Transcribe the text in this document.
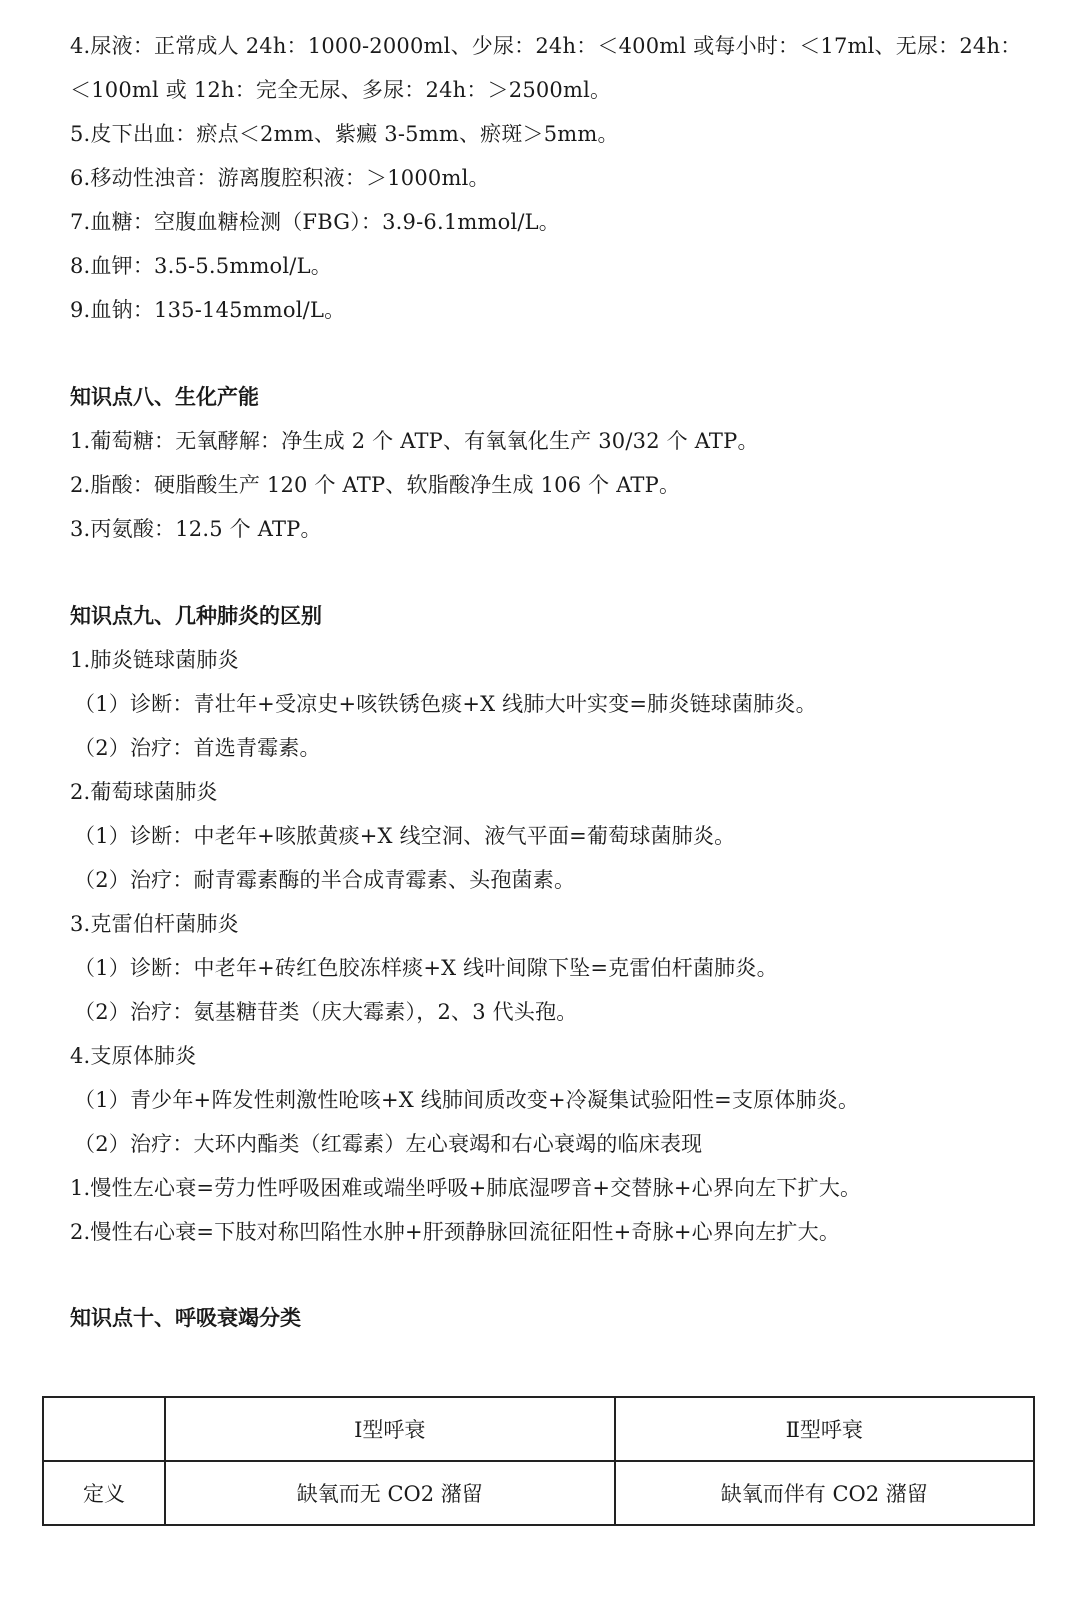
4.尿液：正常成人 24h：1000-2000ml、少尿：24h：＜400ml 或每小时：＜17ml、无尿：24h：
＜100ml 或 12h：完全无尿、多尿：24h：＞2500ml。
5.皮下出血：瘀点＜2mm、紫癜 3-5mm、瘀斑＞5mm。
6.移动性浊音：游离腹腔积液：＞1000ml。
7.血糖：空腹血糖检测（FBG）：3.9-6.1mmol/L。
8.血钾：3.5-5.5mmol/L。
9.血钠：135-145mmol/L。
知识点八、生化产能
1.葡萄糖：无氧酵解：净生成 2 个 ATP、有氧氧化生产 30/32 个 ATP。
2.脂酸：硬脂酸生产 120 个 ATP、软脂酸净生成 106 个 ATP。
3.丙氨酸：12.5 个 ATP。
知识点九、几种肺炎的区别
1.肺炎链球菌肺炎
（1）诊断：青壮年+受凉史+咳铁锈色痰+X 线肺大叶实变=肺炎链球菌肺炎。
（2）治疗：首选青霉素。
2.葡萄球菌肺炎
（1）诊断：中老年+咳脓黄痰+X 线空洞、液气平面=葡萄球菌肺炎。
（2）治疗：耐青霉素酶的半合成青霉素、头孢菌素。
3.克雷伯杆菌肺炎
（1）诊断：中老年+砖红色胶冻样痰+X 线叶间隙下坠=克雷伯杆菌肺炎。
（2）治疗：氨基糖苷类（庆大霉素），2、3 代头孢。
4.支原体肺炎
（1）青少年+阵发性刺激性呛咳+X 线肺间质改变+冷凝集试验阳性=支原体肺炎。
（2）治疗：大环内酯类（红霉素）左心衰竭和右心衰竭的临床表现
1.慢性左心衰=劳力性呼吸困难或端坐呼吸+肺底湿啰音+交替脉+心界向左下扩大。
2.慢性右心衰=下肢对称凹陷性水肿+肝颈静脉回流征阳性+奇脉+心界向左扩大。
知识点十、呼吸衰竭分类
	Ⅰ型呼衰	Ⅱ型呼衰
定义	缺氧而无 CO2 潴留	缺氧而伴有 CO2 潴留
